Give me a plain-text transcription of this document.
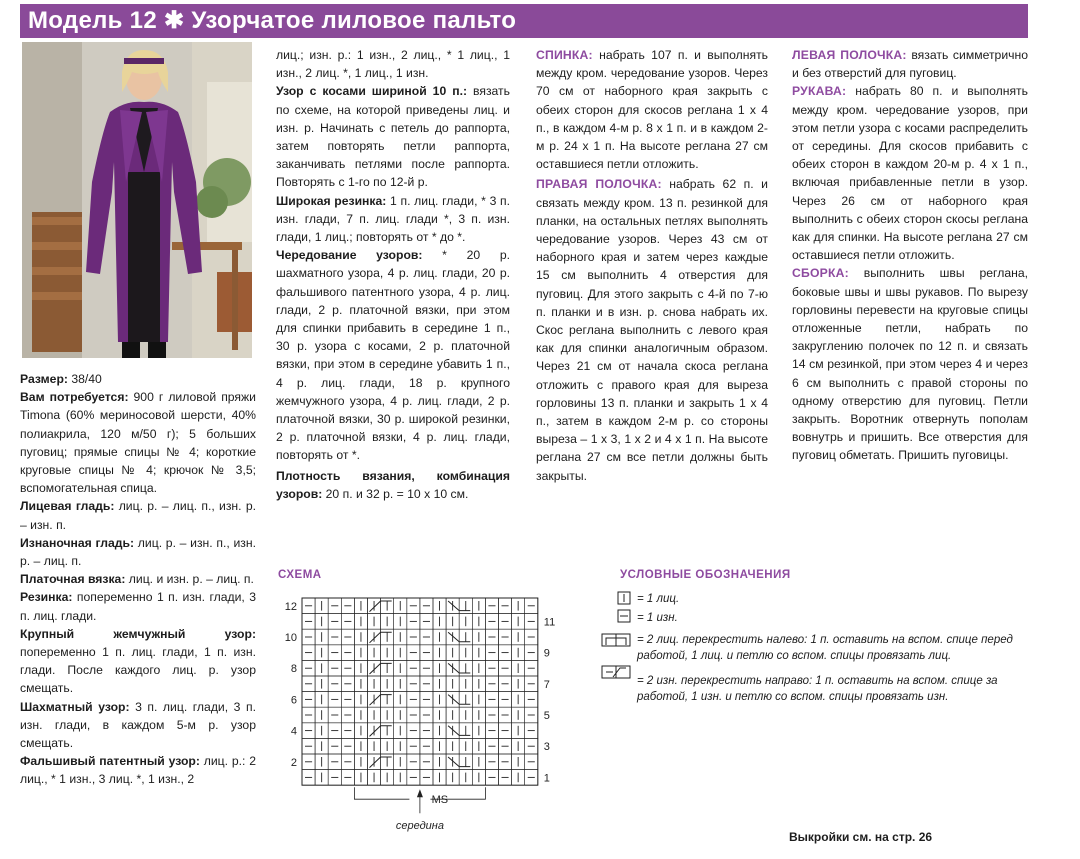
Модель 12 ✱ Узорчатое лиловое пальто

Размер: 38/40

Вам потребуется: 900 г лиловой пряжи Timona (60% мериносовой шерсти, 40% полиакрила, 120 м/50 г); 5 больших пуговиц; прямые спицы № 4; короткие круговые спицы № 4; крючок № 3,5; вспомогательная спица.

Лицевая гладь: лиц. р. – лиц. п., изн. р. – изн. п.

Изнаночная гладь: лиц. р. – изн. п., изн. р. – лиц. п.

Платочная вязка: лиц. и изн. р. – лиц. п.

Резинка: попеременно 1 п. изн. глади, 3 п. лиц. глади.

Крупный жемчужный узор: попеременно 1 п. лиц. глади, 1 п. изн. глади. После каждого лиц. р. узор смещать.

Шахматный узор: 3 п. лиц. глади, 3 п. изн. глади, в каждом 5-м р. узор смещать.

Фальшивый патентный узор: лиц. р.: 2 лиц., * 1 изн., 3 лиц. *, 1 изн., 2

лиц.; изн. р.: 1 изн., 2 лиц., * 1 лиц., 1 изн., 2 лиц. *, 1 лиц., 1 изн.

Узор с косами шириной 10 п.: вязать по схеме, на которой приведены лиц. и изн. р. Начинать с петель до раппорта, затем повторять петли раппорта, заканчивать петлями после раппорта. Повторять с 1-го по 12-й р.

Широкая резинка: 1 п. лиц. глади, * 3 п. изн. глади, 7 п. лиц. глади *, 3 п. изн. глади, 1 лиц.; повторять от * до *.

Чередование узоров: * 20 р. шахматного узора, 4 р. лиц. глади, 20 р. фальшивого патентного узора, 4 р. лиц. глади, 2 р. платочной вязки, при этом для спинки прибавить в середине 1 п., 30 р. узора с косами, 2 р. платочной вязки, при этом в середине убавить 1 п., 4 р. лиц. глади, 18 р. крупного жемчужного узора, 4 р. лиц. глади, 2 р. платочной вязки, 30 р. широкой резинки, 2 р. платочной вязки, 4 р. лиц. глади, повторять от *.

Плотность вязания, комбинация узоров: 20 п. и 32 р. = 10 х 10 см.

СПИНКА: набрать 107 п. и выполнять между кром. чередование узоров. Через 70 см от наборного края закрыть с обеих сторон для скосов реглана 1 х 4 п., в каждом 4-м р. 8 х 1 п. и в каждом 2-м р. 24 х 1 п. На высоте реглана 27 см оставшиеся петли отложить.

ПРАВАЯ ПОЛОЧКА: набрать 62 п. и связать между кром. 13 п. резинкой для планки, на остальных петлях выполнять чередование узоров. Через 43 см от наборного края и затем через каждые 15 см выполнить 4 отверстия для пуговиц. Для этого закрыть с 4-й по 7-ю п. планки и в изн. р. снова набрать их. Скос реглана выполнить с левого края как для спинки аналогичным образом. Через 21 см от начала скоса реглана отложить с правого края для выреза горловины 13 п. планки и закрыть 1 х 4 п., затем в каждом 2-м р. со стороны выреза – 1 х 3, 1 х 2 и 4 х 1 п. На высоте реглана 27 см все петли должны быть закрыты.

ЛЕВАЯ ПОЛОЧКА: вязать симметрично и без отверстий для пуговиц.

РУКАВА: набрать 80 п. и выполнять между кром. чередование узоров, при этом петли узора с косами распределить от середины. Для скосов прибавить с обеих сторон в каждом 20-м р. 4 х 1 п., включая прибавленные петли в узор. Через 26 см от наборного края выполнить с обеих сторон скосы реглана как для спинки. На высоте реглана 27 см оставшиеся петли отложить.

СБОРКА: выполнить швы реглана, боковые швы и швы рукавов. По вырезу горловины перевести на круговые спицы отложенные петли, набрать по закруглению полочек по 12 п. и связать 14 см резинкой, при этом через 4 и через 6 см выполнить с правой стороны по одному отверстию для пуговиц. Петли закрыть. Воротник отвернуть пополам вовнутрь и пришить. Все отверстия для пуговиц обметать. Пришить пуговицы.

СХЕМА
12
10
8
6
4
2
11
9
7
5
3
1
MS
середина
УСЛОВНЫЕ ОБОЗНАЧЕНИЯ
= 1 лиц.
= 1 изн.
= 2 лиц. перекрестить налево: 1 п. оставить на вспом. спице перед работой, 1 лиц. и петлю со вспом. спицы провязать лиц.
= 2 изн. перекрестить направо: 1 п. оставить на вспом. спице за работой, 1 изн. и петлю со вспом. спицы провязать изн.
Выкройки см. на стр. 26
